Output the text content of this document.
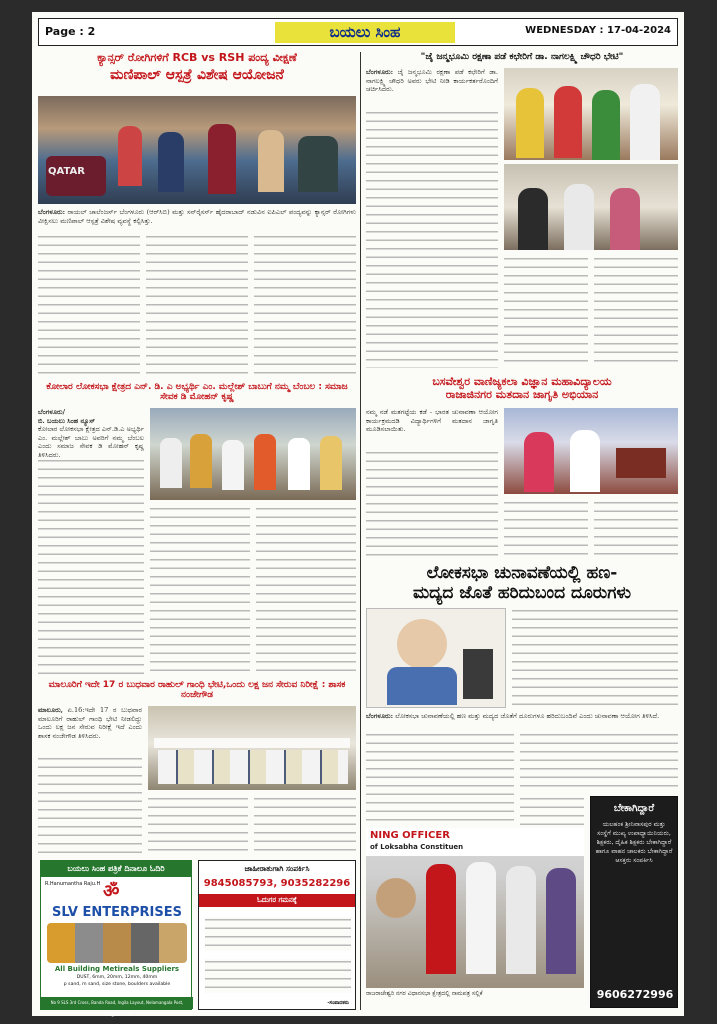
Page : 2	ಬಯಲು ಸಿಂಹ	WEDNESDAY : 17-04-2024
ಕ್ಯಾನ್ಸರ್ ರೋಗಿಗಳಿಗೆ RCB vs RSH ಪಂದ್ಯ ವೀಕ್ಷಣೆ
ಮಣಿಪಾಲ್ ಆಸ್ಪತ್ರೆ ವಿಶೇಷ ಆಯೋಜನೆ
QATAR
ಬೆಂಗಳೂರು: ರಾಯಲ್ ಚಾಲೆಂಜರ್ಸ್ ಬೆಂಗಳೂರು (ಆರ್‌ಸಿಬಿ) ಮತ್ತು ಸನ್‌ರೈಸರ್ಸ್ ಹೈದರಾಬಾದ್ ನಡುವಿನ ಐಪಿಎಲ್ ಪಂದ್ಯವನ್ನು ಕ್ಯಾನ್ಸರ್ ರೋಗಿಗಳು ವೀಕ್ಷಿಸಲು ಮಣಿಪಾಲ್ ಆಸ್ಪತ್ರೆ ವಿಶೇಷ ವ್ಯವಸ್ಥೆ ಕಲ್ಪಿಸಿತ್ತು.
ಕೋಲಾರ ಲೋಕಸಭಾ ಕ್ಷೇತ್ರದ ಎನ್. ಡಿ. ಎ ಅಭ್ಯರ್ಥಿ ಎಂ. ಮಲ್ಲೇಶ್ ಬಾಬುಗೆ ನಮ್ಮ ಬೆಂಬಲ : ಸಮಾಜ ಸೇವಕ ಡಿ ಮೋಹನ್ ಕೃಷ್ಣ
ಬೆಂಗಳೂರು/
ಬಿ. ಬಯಲು ಸಿಂಹ ನ್ಯೂಸ್
ಕೋಲಾರ ಲೋಕಸಭಾ ಕ್ಷೇತ್ರದ ಎನ್.ಡಿ.ಎ ಅಭ್ಯರ್ಥಿ ಎಂ. ಮಲ್ಲೇಶ್ ಬಾಬು ಅವರಿಗೆ ನಮ್ಮ ಬೆಂಬಲ ಎಂದು ಸಮಾಜ ಸೇವಕ ಡಿ ಮೋಹನ್ ಕೃಷ್ಣ ತಿಳಿಸಿದರು.
ಮಾಲೂರಿಗೆ ಇದೇ 17 ರ ಬುಧವಾರ ರಾಹುಲ್ ಗಾಂಧಿ ಭೇಟಿ,ಒಂದು ಲಕ್ಷ ಜನ ಸೇರುವ ನಿರೀಕ್ಷೆ : ಶಾಸಕ ನಂಜೇಗೌಡ
ಮಾಲೂರು, ಏ.16:ಇದೇ 17 ರ ಬುಧವಾರ ಮಾಲೂರಿಗೆ ರಾಹುಲ್ ಗಾಂಧಿ ಭೇಟಿ ನೀಡಲಿದ್ದು ಒಂದು ಲಕ್ಷ ಜನ ಸೇರುವ ನಿರೀಕ್ಷೆ ಇದೆ ಎಂದು ಶಾಸಕ ನಂಜೇಗೌಡ ತಿಳಿಸಿದರು.
ಬಯಲು ಸಿಂಹ ಪತ್ರಿಕೆ ದಿನಾಲೂ ಓದಿರಿ
R.Hanumantha Raju.H ॐ
SLV ENTERPRISES
All Building Metireals Suppliers
DUST, 6mm, 20mm, 12mm, 40mm
p sand, m sand, size stone, boulders available
No 9 SLS 3rd Cross, Banda Road, Ingila Layout, Nelamangala Post, Bengaluru-40
ಜಾಹೀರಾತುಗಾಗಿ ಸಂಪರ್ಕಿಸಿ
9845085793, 9035282296
ಓದುಗರ ಗಮನಕ್ಕೆ
-ಸಂಪಾದಕರು
"ಜೈ ಜನ್ಮಭೂಮಿ ರಕ್ಷಣಾ ಪಡೆ ಕಛೇರಿಗೆ ಡಾ. ನಾಗಲಕ್ಷ್ಮಿ ಚೌಧರಿ ಭೇಟಿ"
ಬೆಂಗಳೂರು: ಜೈ ಜನ್ಮಭೂಮಿ ರಕ್ಷಣಾ ಪಡೆ ಕಛೇರಿಗೆ ಡಾ. ನಾಗಲಕ್ಷ್ಮಿ ಚೌಧರಿ ಅವರು ಭೇಟಿ ನೀಡಿ ಕಾರ್ಯಕರ್ತರೊಂದಿಗೆ ಚರ್ಚಿಸಿದರು.
ಬಸವೇಶ್ವರ ವಾಣಿಜ್ಯಕಲಾ ವಿಜ್ಞಾನ ಮಹಾವಿದ್ಯಾಲಯ
ರಾಜಾಜಿನಗರ ಮತದಾನ ಜಾಗೃತಿ ಅಭಿಯಾನ
ನಮ್ಮ ನಡೆ ಮತಗಟ್ಟೆಯ ಕಡೆ - ಭಾರತ ಚುನಾವಣಾ ಆಯೋಗ ಕಾರ್ಯಕ್ರಮದಡಿ ವಿದ್ಯಾರ್ಥಿಗಳಿಗೆ ಮತದಾನ ಜಾಗೃತಿ ಮೂಡಿಸಲಾಯಿತು.
ಲೋಕಸಭಾ ಚುನಾವಣೆಯಲ್ಲಿ ಹಣ-
ಮದ್ಯದ ಜೊತೆ ಹರಿದುಬಂದ ದೂರುಗಳು
ಬೆಂಗಳೂರು: ಲೋಕಸಭಾ ಚುನಾವಣೆಯಲ್ಲಿ ಹಣ ಮತ್ತು ಮದ್ಯದ ಜೊತೆಗೆ ದೂರುಗಳೂ ಹರಿದುಬಂದಿವೆ ಎಂದು ಚುನಾವಣಾ ಆಯೋಗ ತಿಳಿಸಿದೆ.
ಬೇಕಾಗಿದ್ದಾರೆ
ಯಲಹಂಕ ಶ್ರೀನಿವಾಸಪುರ ಮತ್ತು ಸಂಸ್ಥೆಗೆ ಮುಖ್ಯ ಉಪಾಧ್ಯಾಯಿನಿಯರು, ಶಿಕ್ಷಕರು, ದೈಹಿಕ ಶಿಕ್ಷಕರು ಬೇಕಾಗಿದ್ದಾರೆ ಹಾಗೂ ವಾಹನ ಚಾಲಕರು ಬೇಕಾಗಿದ್ದಾರೆ ಆಸಕ್ತರು ಸಂಪರ್ಕಿಸಿ
9606272996
NING OFFICER
of Loksabha Constituen
ರಾಜರಾಜೇಶ್ವರಿ ನಗರ ವಿಧಾನಸಭಾ ಕ್ಷೇತ್ರದಲ್ಲಿ ನಾಮಪತ್ರ ಸಲ್ಲಿಕೆ
